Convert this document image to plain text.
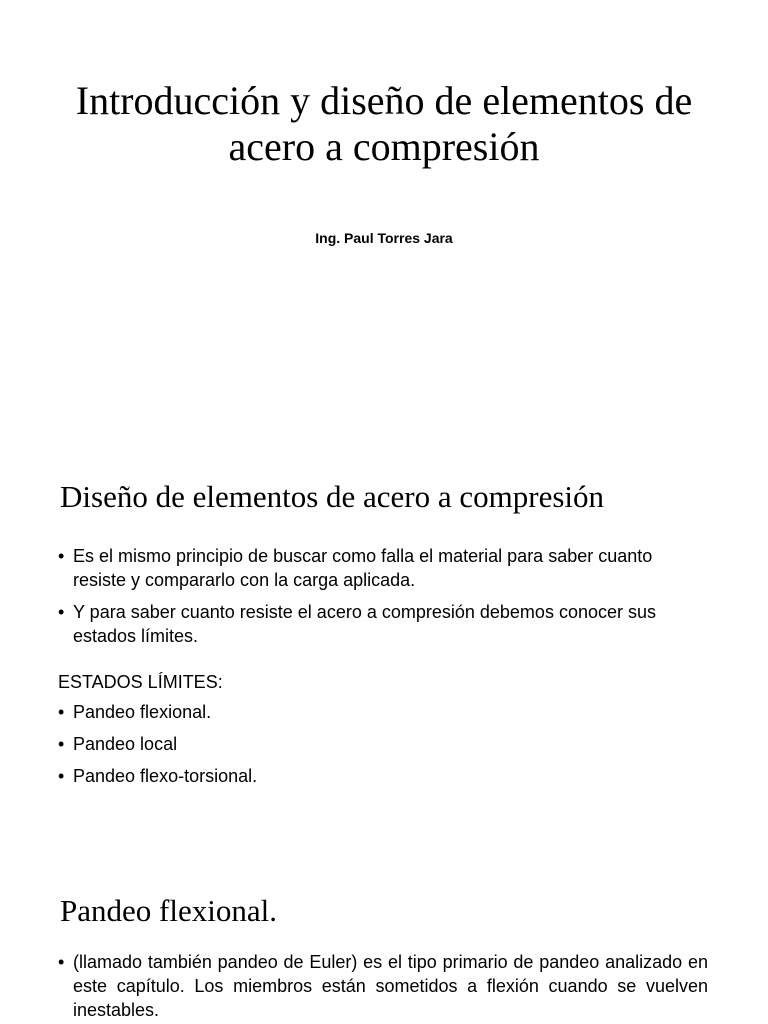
Introducción y diseño de elementos de acero a compresión

Ing. Paul Torres Jara

Diseño de elementos de acero a compresión
• Es el mismo principio de buscar como falla el material para saber cuanto resiste y compararlo con la carga aplicada.
• Y para saber cuanto resiste el acero a compresión debemos conocer sus estados límites.

ESTADOS LÍMITES:

• Pandeo flexional.
• Pandeo local
• Pandeo flexo-torsional.
Pandeo flexional.
• (llamado también pandeo de Euler) es el tipo primario de pandeo analizado en este capítulo. Los miembros están sometidos a flexión cuando se vuelven inestables.
